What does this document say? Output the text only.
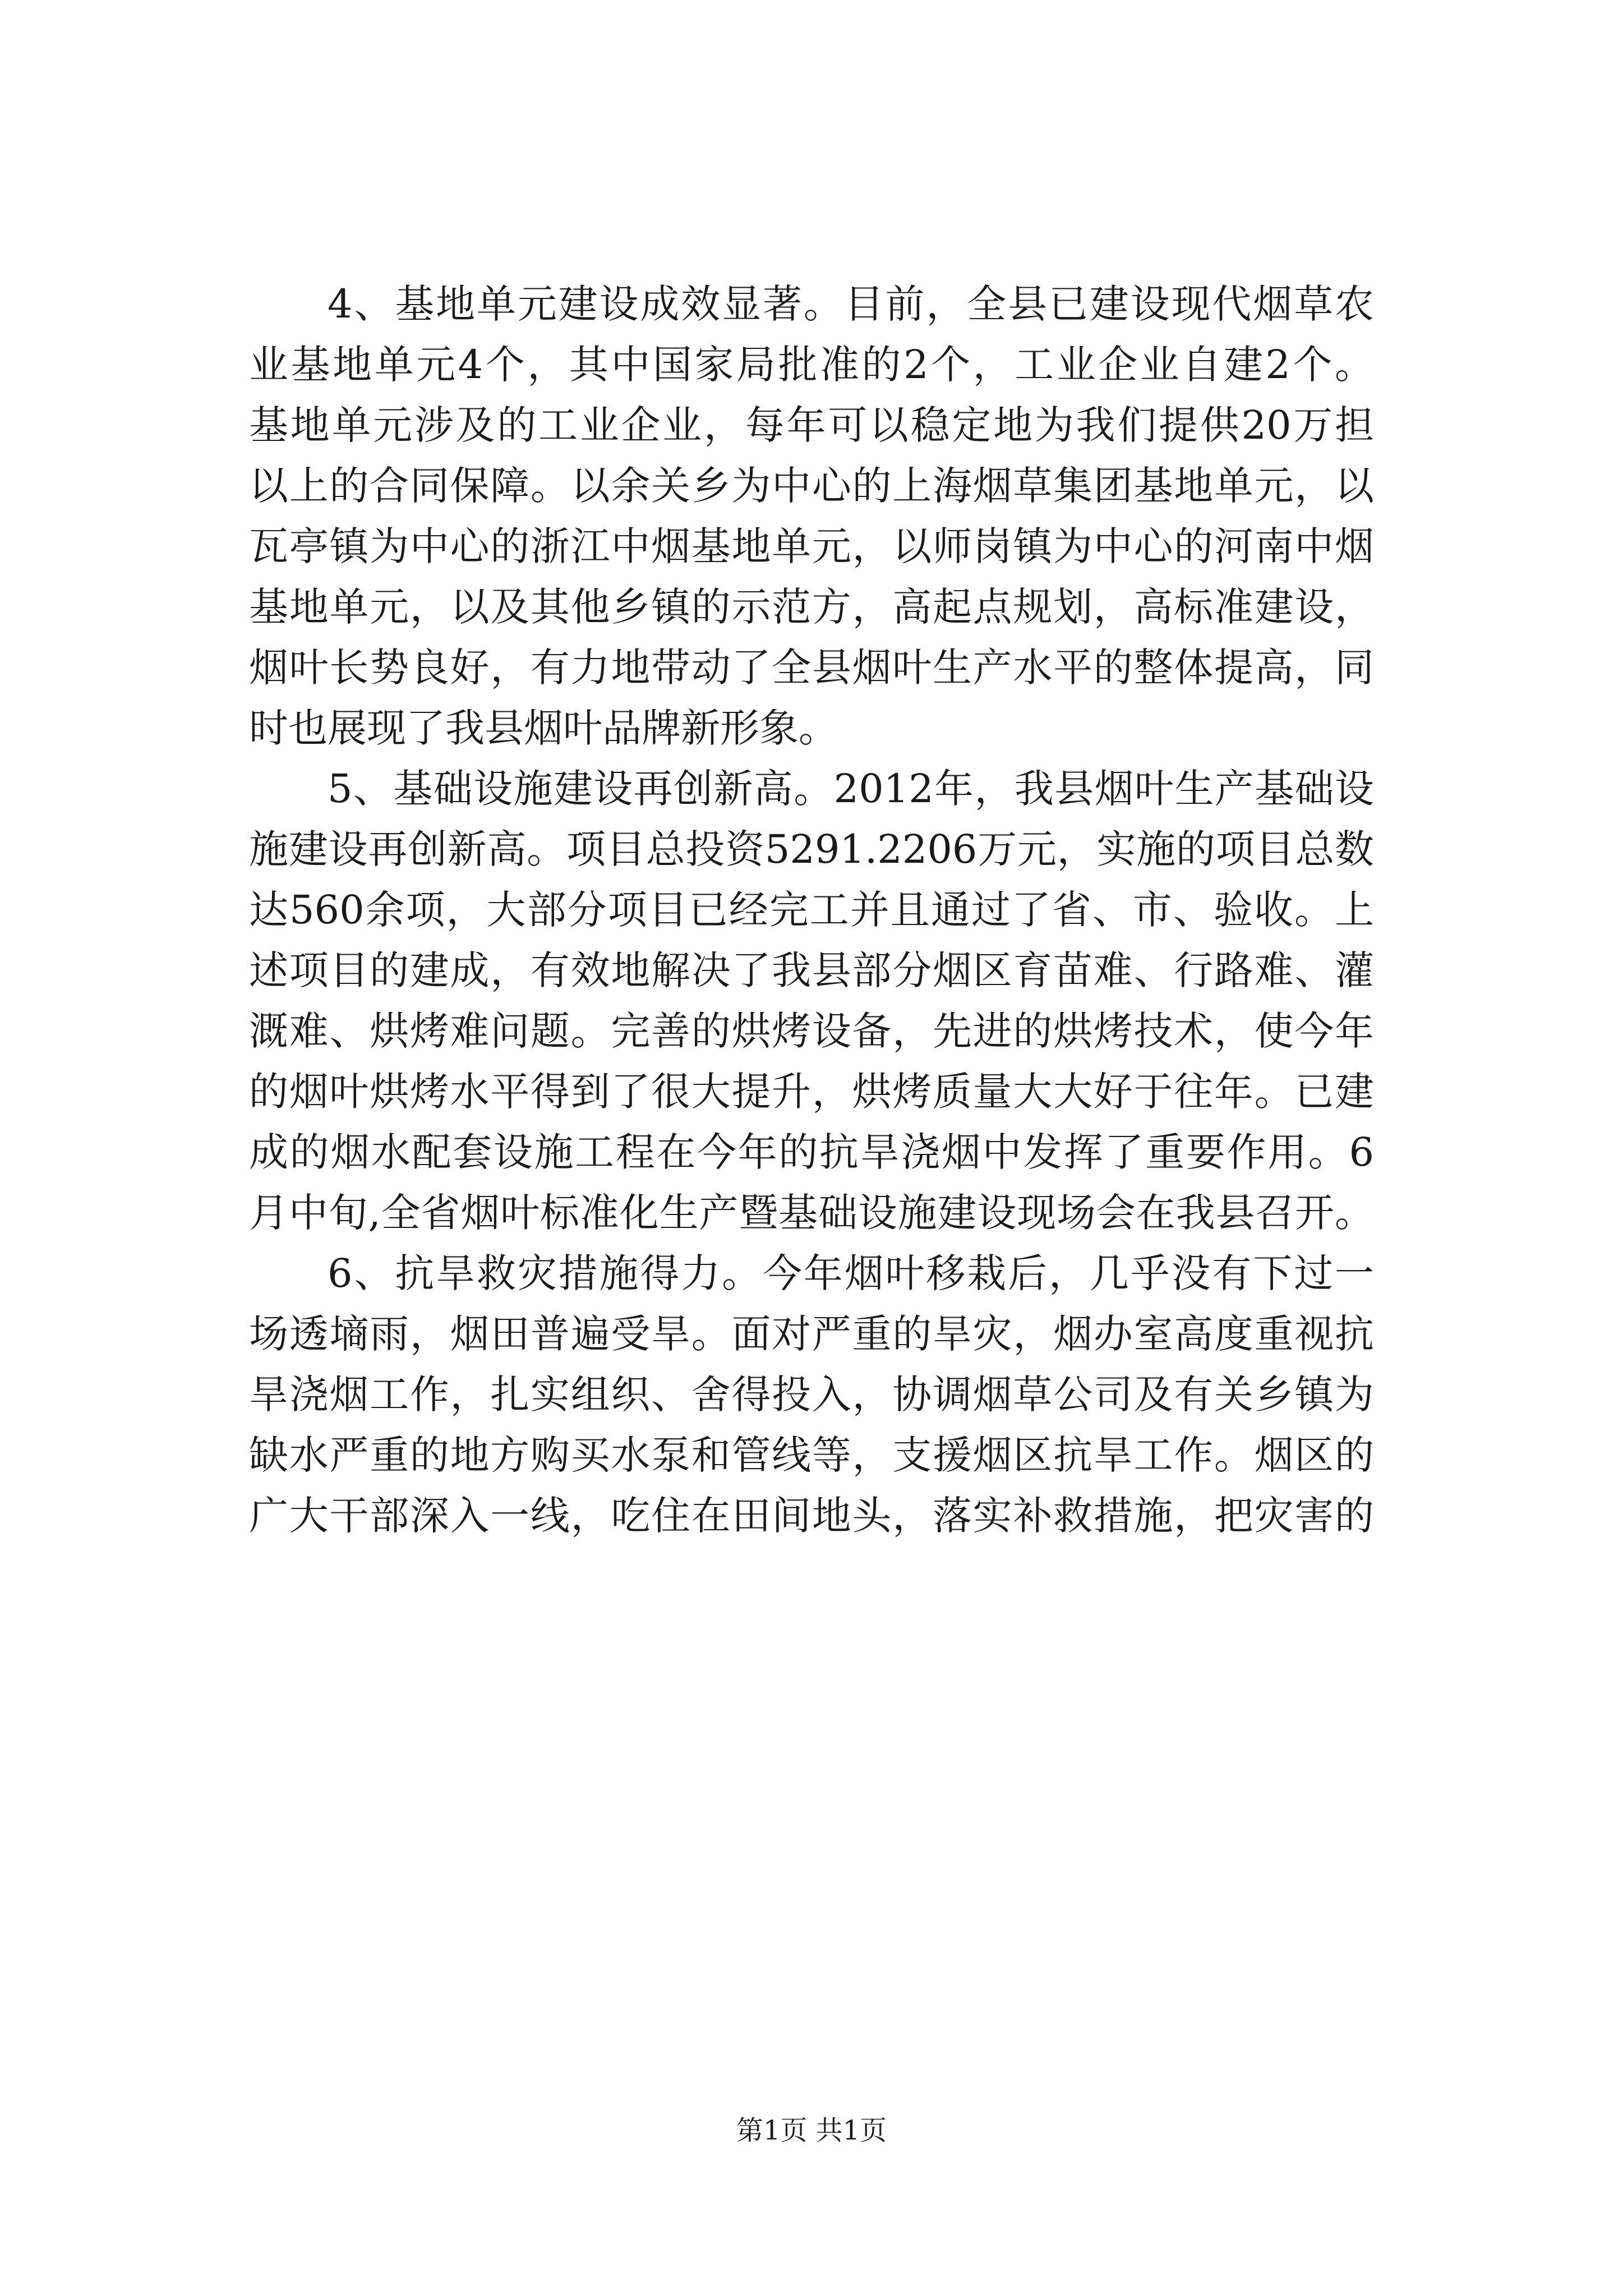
4、基地单元建设成效显著。目前，全县已建设现代烟草农
业基地单元4个，其中国家局批准的2个，工业企业自建2个。
基地单元涉及的工业企业，每年可以稳定地为我们提供20万担
以上的合同保障。以余关乡为中心的上海烟草集团基地单元，以
瓦亭镇为中心的浙江中烟基地单元，以师岗镇为中心的河南中烟
基地单元，以及其他乡镇的示范方，高起点规划，高标准建设，
烟叶长势良好，有力地带动了全县烟叶生产水平的整体提高，同
时也展现了我县烟叶品牌新形象。
5、基础设施建设再创新高。2012年，我县烟叶生产基础设
施建设再创新高。项目总投资5291.2206万元，实施的项目总数
达560余项，大部分项目已经完工并且通过了省、市、验收。上
述项目的建成，有效地解决了我县部分烟区育苗难、行路难、灌
溉难、烘烤难问题。完善的烘烤设备，先进的烘烤技术，使今年
的烟叶烘烤水平得到了很大提升，烘烤质量大大好于往年。已建
成的烟水配套设施工程在今年的抗旱浇烟中发挥了重要作用。6
月中旬,全省烟叶标准化生产暨基础设施建设现场会在我县召开。
6、抗旱救灾措施得力。今年烟叶移栽后，几乎没有下过一
场透墒雨，烟田普遍受旱。面对严重的旱灾，烟办室高度重视抗
旱浇烟工作，扎实组织、舍得投入，协调烟草公司及有关乡镇为
缺水严重的地方购买水泵和管线等，支援烟区抗旱工作。烟区的
广大干部深入一线，吃住在田间地头，落实补救措施，把灾害的
第1页 共1页
